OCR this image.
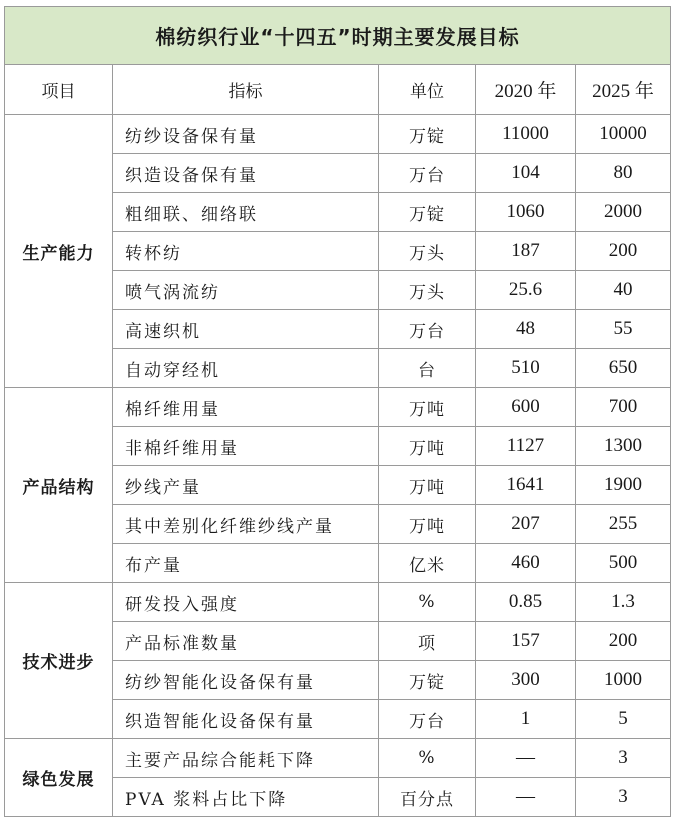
棉纺织行业“十四五”时期主要发展目标				
项目	指标	单位	2020 年	2025 年
生产能力	纺纱设备保有量	万锭	11000	10000
	织造设备保有量	万台	104	80
	粗细联、细络联	万锭	1060	2000
	转杯纺	万头	187	200
	喷气涡流纺	万头	25.6	40
	高速织机	万台	48	55
	自动穿经机	台	510	650
产品结构	棉纤维用量	万吨	600	700
	非棉纤维用量	万吨	1127	1300
	纱线产量	万吨	1641	1900
	其中差别化纤维纱线产量	万吨	207	255
	布产量	亿米	460	500
技术进步	研发投入强度	%	0.85	1.3
	产品标准数量	项	157	200
	纺纱智能化设备保有量	万锭	300	1000
	织造智能化设备保有量	万台	1	5
绿色发展	主要产品综合能耗下降	%	—	3
	PVA 浆料占比下降	百分点	—	3
